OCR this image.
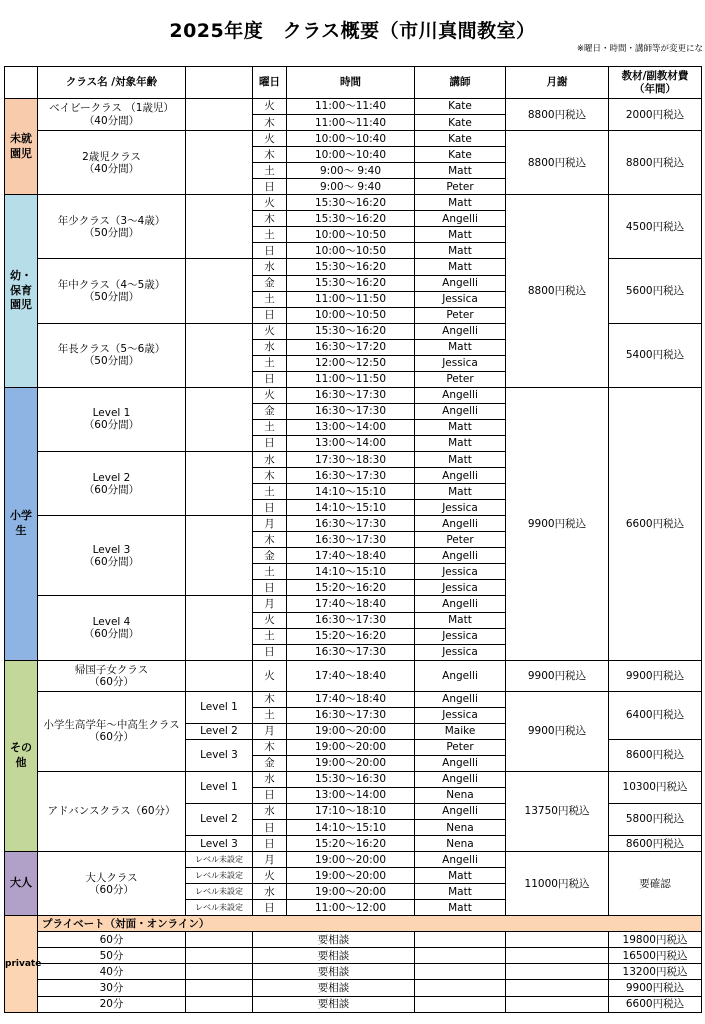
2025年度　クラス概要（市川真間教室）
※曜日・時間・講師等が変更にな
	クラス名 /対象年齢		曜日	時間	講師	月謝	教材/副教材費
（年間）	
未就園児	ベイビークラス （1歳児）
（40分間）		火	11:00～11:40	Kate	8800円税込	2000円税込	
			木	11:00～11:40	Kate			
	2歳児クラス
（40分間）		火	10:00～10:40	Kate	8800円税込	8800円税込	
			木	10:00～10:40	Kate			
			土	9:00～ 9:40	Matt			
			日	9:00～ 9:40	Peter			
幼・保育園児	年少クラス（3～4歳）
（50分間）		火	15:30～16:20	Matt	8800円税込	4500円税込	
			木	15:30～16:20	Angelli			
			土	10:00～10:50	Matt			
			日	10:00～10:50	Matt			
	年中クラス（4～5歳）
（50分間）		水	15:30～16:20	Matt		5600円税込	
			金	15:30～16:20	Angelli			
			土	11:00～11:50	Jessica			
			日	10:00～10:50	Peter			
	年長クラス（5～6歳）
（50分間）		火	15:30～16:20	Angelli		5400円税込	
			水	16:30～17:20	Matt			
			土	12:00～12:50	Jessica			
			日	11:00～11:50	Peter			
小学生	Level 1
（60分間）		火	16:30～17:30	Angelli	9900円税込	6600円税込	
			金	16:30～17:30	Angelli			
			土	13:00～14:00	Matt			
			日	13:00～14:00	Matt			
	Level 2
（60分間）		水	17:30～18:30	Matt			
			木	16:30～17:30	Angelli			
			土	14:10～15:10	Matt			
			日	14:10～15:10	Jessica			
	Level 3
（60分間）		月	16:30～17:30	Angelli			
			木	16:30～17:30	Peter			
			金	17:40～18:40	Angelli			
			土	14:10～15:10	Jessica			
			日	15:20～16:20	Jessica			
	Level 4
（60分間）		月	17:40～18:40	Angelli			
			火	16:30～17:30	Matt			
			土	15:20～16:20	Jessica			
			日	16:30～17:30	Jessica			
その他	帰国子女クラス
（60分）		火	17:40～18:40	Angelli	9900円税込	9900円税込	
	小学生高学年～中高生クラス
（60分）	Level 1	木	17:40～18:40	Angelli	9900円税込	6400円税込	
			土	16:30～17:30	Jessica			
		Level 2	月	19:00～20:00	Maike			
		Level 3	木	19:00～20:00	Peter		8600円税込	
			金	19:00～20:00	Angelli			
	アドバンスクラス（60分）	Level 1	水	15:30～16:30	Angelli	13750円税込	10300円税込	
			日	13:00～14:00	Nena			
		Level 2	水	17:10～18:10	Angelli		5800円税込	
			日	14:10～15:10	Nena			
		Level 3	日	15:20～16:20	Nena		8600円税込	
大人	大人クラス
（60分）	レベル未設定	月	19:00～20:00	Angelli	11000円税込	要確認	
		レベル未設定	火	19:00～20:00	Matt			
		レベル未設定	水	19:00～20:00	Matt			
		レベル未設定	日	11:00～12:00	Matt			
private	プライベート（対面・オンライン）							
	60分		要相談				19800円税込	
	50分		要相談				16500円税込	
	40分		要相談				13200円税込	
	30分		要相談				9900円税込	
	20分		要相談				6600円税込	
